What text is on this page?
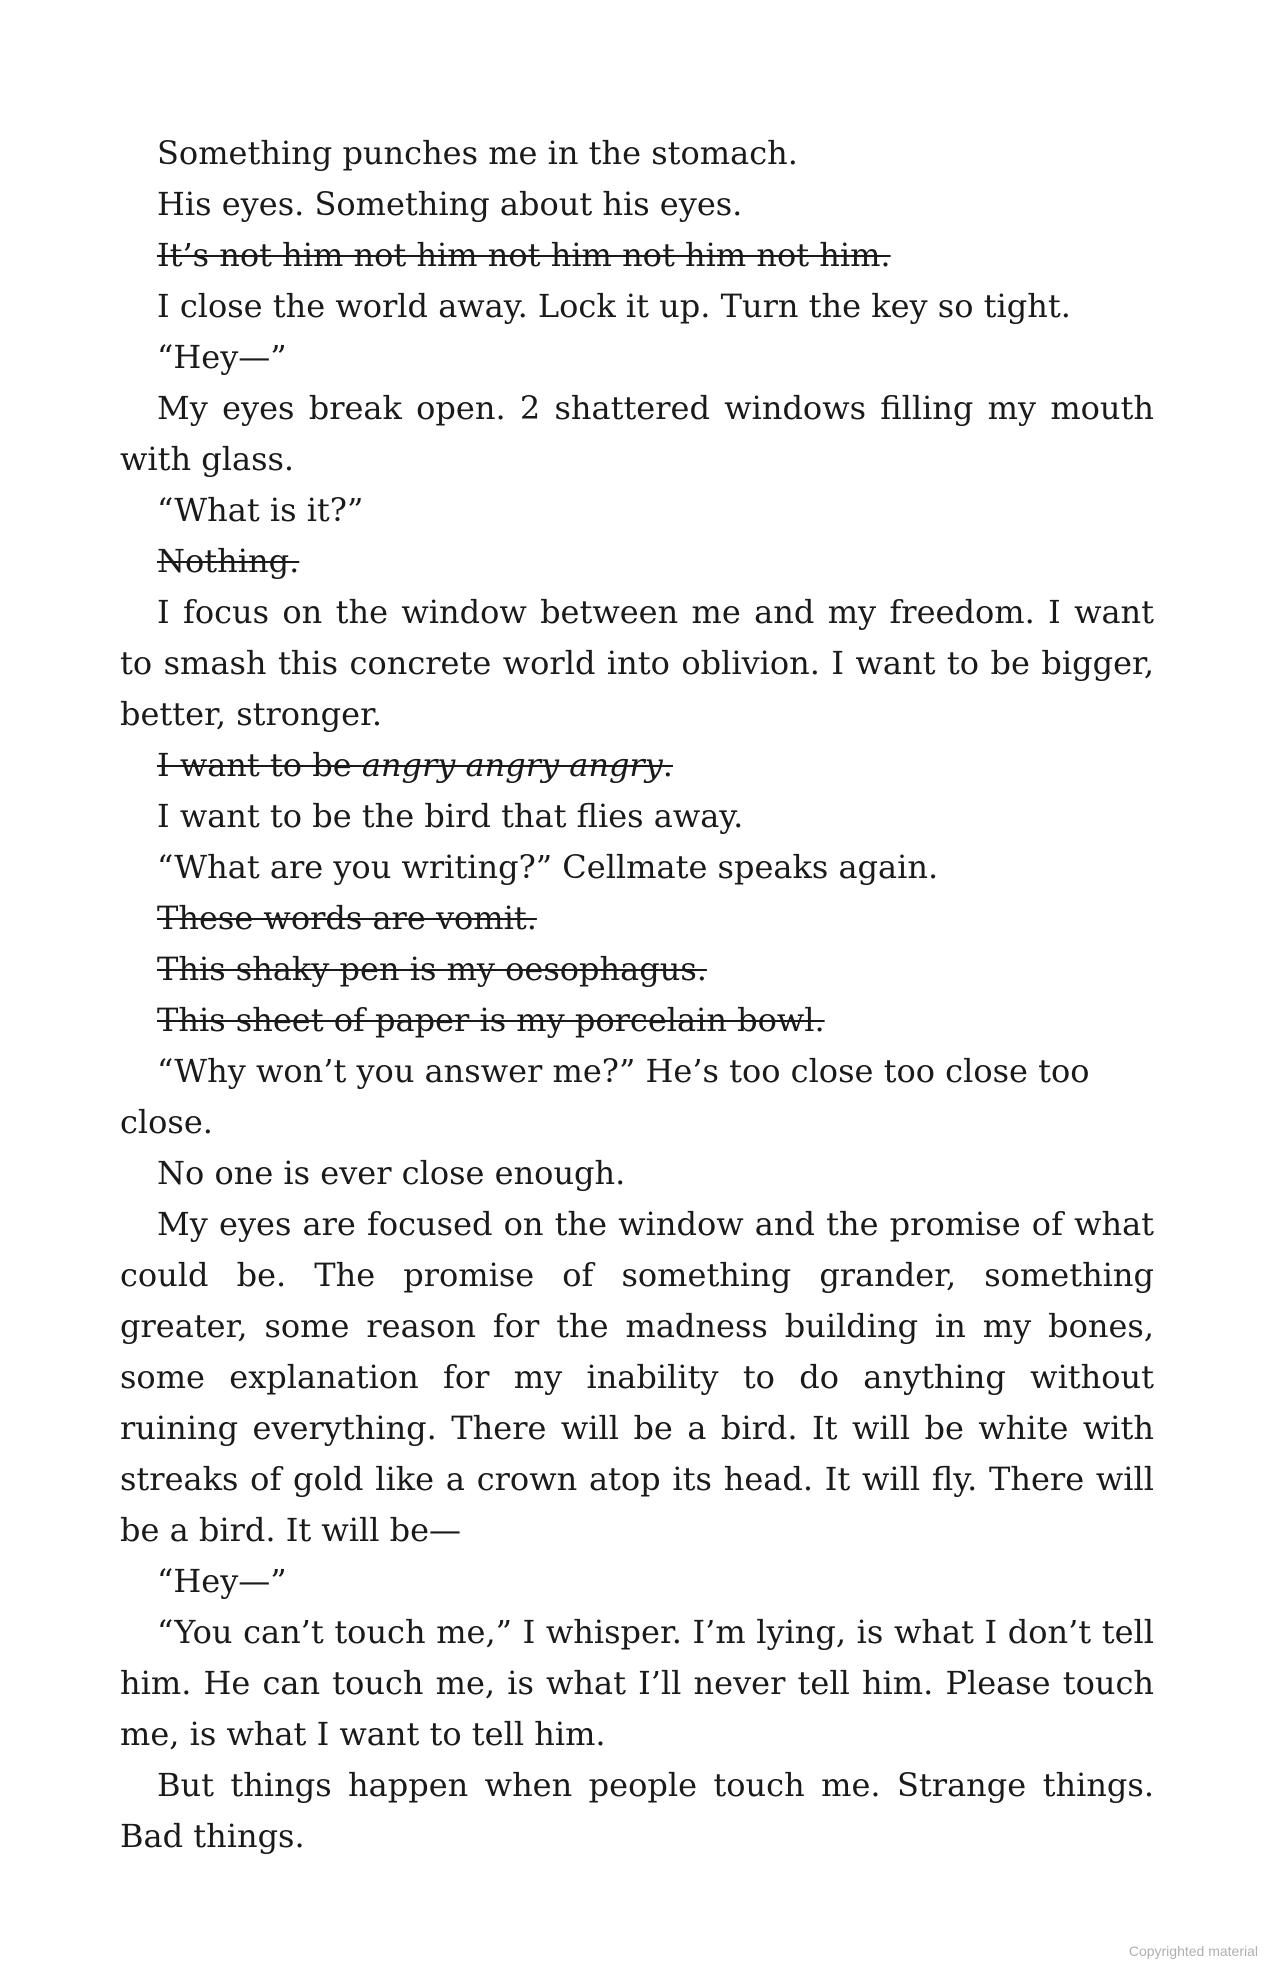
Something punches me in the stomach.

His eyes. Something about his eyes.

It’s not him not him not him not him not him.

I close the world away. Lock it up. Turn the key so tight.

“Hey—”

My eyes break open. 2 shattered windows filling my mouth with glass.

“What is it?”

Nothing.

I focus on the window between me and my freedom. I want to smash this concrete world into oblivion. I want to be bigger, better, stronger.

I want to be angry angry angry.

I want to be the bird that flies away.

“What are you writing?” Cellmate speaks again.

These words are vomit.

This shaky pen is my oesophagus.

This sheet of paper is my porcelain bowl.

“Why won’t you answer me?” He’s too close too close too close.

No one is ever close enough.

My eyes are focused on the window and the promise of what could be. The promise of something grander, something greater, some reason for the madness building in my bones, some explanation for my inability to do anything without ruining everything. There will be a bird. It will be white with streaks of gold like a crown atop its head. It will fly. There will be a bird. It will be—

“Hey—”

“You can’t touch me,” I whisper. I’m lying, is what I don’t tell him. He can touch me, is what I’ll never tell him. Please touch me, is what I want to tell him.

But things happen when people touch me. Strange things. Bad things.

Copyrighted material
